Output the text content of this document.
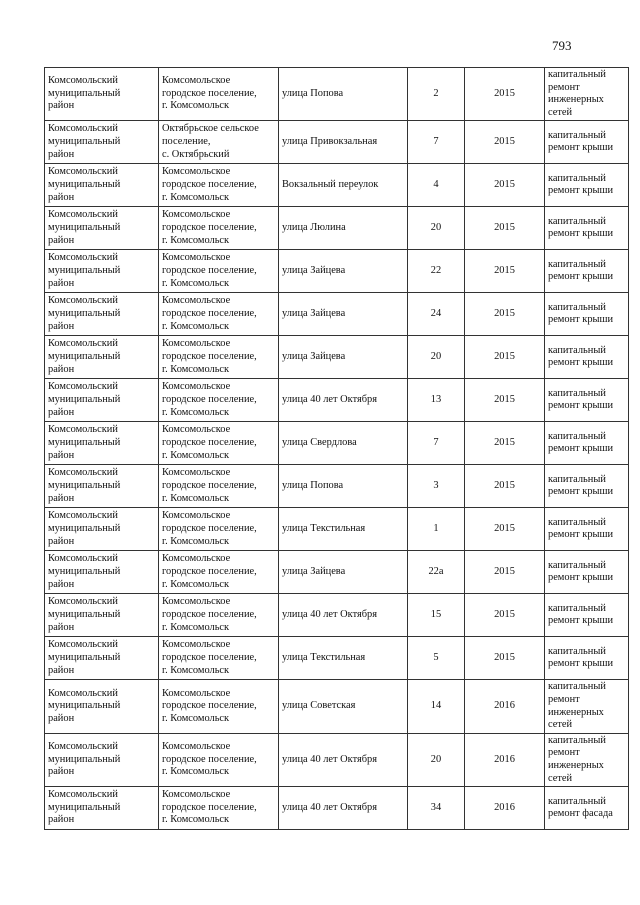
793
Комсомольский
муниципальный
район	Комсомольское
городское поселение,
г. Комсомольск	улица Попова	2	2015	капитальный
ремонт
инженерных
сетей
Комсомольский
муниципальный
район	Октябрьское сельское
поселение,
с. Октябрьский	улица Привокзальная	7	2015	капитальный
ремонт крыши
Комсомольский
муниципальный
район	Комсомольское
городское поселение,
г. Комсомольск	Вокзальный переулок	4	2015	капитальный
ремонт крыши
Комсомольский
муниципальный
район	Комсомольское
городское поселение,
г. Комсомольск	улица Люлина	20	2015	капитальный
ремонт крыши
Комсомольский
муниципальный
район	Комсомольское
городское поселение,
г. Комсомольск	улица Зайцева	22	2015	капитальный
ремонт крыши
Комсомольский
муниципальный
район	Комсомольское
городское поселение,
г. Комсомольск	улица Зайцева	24	2015	капитальный
ремонт крыши
Комсомольский
муниципальный
район	Комсомольское
городское поселение,
г. Комсомольск	улица Зайцева	20	2015	капитальный
ремонт крыши
Комсомольский
муниципальный
район	Комсомольское
городское поселение,
г. Комсомольск	улица 40 лет Октября	13	2015	капитальный
ремонт крыши
Комсомольский
муниципальный
район	Комсомольское
городское поселение,
г. Комсомольск	улица Свердлова	7	2015	капитальный
ремонт крыши
Комсомольский
муниципальный
район	Комсомольское
городское поселение,
г. Комсомольск	улица Попова	3	2015	капитальный
ремонт крыши
Комсомольский
муниципальный
район	Комсомольское
городское поселение,
г. Комсомольск	улица Текстильная	1	2015	капитальный
ремонт крыши
Комсомольский
муниципальный
район	Комсомольское
городское поселение,
г. Комсомольск	улица Зайцева	22а	2015	капитальный
ремонт крыши
Комсомольский
муниципальный
район	Комсомольское
городское поселение,
г. Комсомольск	улица 40 лет Октября	15	2015	капитальный
ремонт крыши
Комсомольский
муниципальный
район	Комсомольское
городское поселение,
г. Комсомольск	улица Текстильная	5	2015	капитальный
ремонт крыши
Комсомольский
муниципальный
район	Комсомольское
городское поселение,
г. Комсомольск	улица Советская	14	2016	капитальный
ремонт
инженерных
сетей
Комсомольский
муниципальный
район	Комсомольское
городское поселение,
г. Комсомольск	улица 40 лет Октября	20	2016	капитальный
ремонт
инженерных
сетей
Комсомольский
муниципальный
район	Комсомольское
городское поселение,
г. Комсомольск	улица 40 лет Октября	34	2016	капитальный
ремонт фасада
